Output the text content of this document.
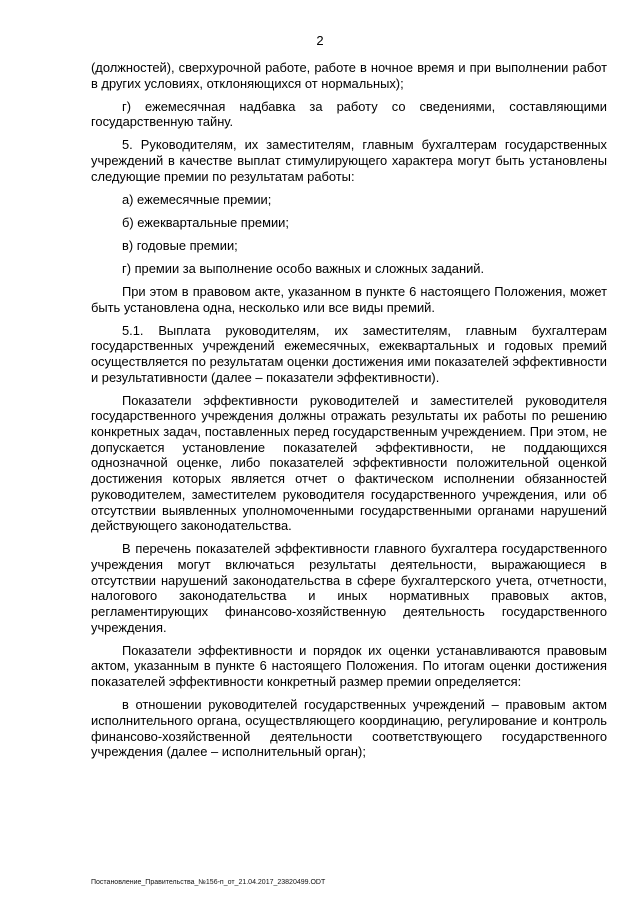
2

(должностей), сверхурочной работе, работе в ночное время и при выполнении работ в других условиях, отклоняющихся от нормальных);

г) ежемесячная надбавка за работу со сведениями, составляющими государственную тайну.

5. Руководителям, их заместителям, главным бухгалтерам государственных учреждений в качестве выплат стимулирующего характера могут быть установлены следующие премии по результатам работы:

а) ежемесячные премии;

б) ежеквартальные премии;

в) годовые премии;

г) премии за выполнение особо важных и сложных заданий.

При этом в правовом акте, указанном в пункте 6 настоящего Положения, может быть установлена одна, несколько или все виды премий.

5.1. Выплата руководителям, их заместителям, главным бухгалтерам государственных учреждений ежемесячных, ежеквартальных и годовых премий осуществляется по результатам оценки достижения ими показателей эффективности и результативности (далее – показатели эффективности).

Показатели эффективности руководителей и заместителей руководителя государственного учреждения должны отражать результаты их работы по решению конкретных задач, поставленных перед государственным учреждением. При этом, не допускается установление показателей эффективности, не поддающихся однозначной оценке, либо показателей эффективности положительной оценкой достижения которых является отчет о фактическом исполнении обязанностей руководителем, заместителем руководителя государственного учреждения, или об отсутствии выявленных уполномоченными государственными органами нарушений действующего законодательства.

В перечень показателей эффективности главного бухгалтера государственного учреждения могут включаться результаты деятельности, выражающиеся в отсутствии нарушений законодательства в сфере бухгалтерского учета, отчетности, налогового законодательства и иных нормативных правовых актов, регламентирующих финансово-хозяйственную деятельность государственного учреждения.

Показатели эффективности и порядок их оценки устанавливаются правовым актом, указанным в пункте 6 настоящего Положения. По итогам оценки достижения показателей эффективности конкретный размер премии определяется:

в отношении руководителей государственных учреждений – правовым актом исполнительного органа, осуществляющего координацию, регулирование и контроль финансово-хозяйственной деятельности соответствующего государственного учреждения (далее – исполнительный орган);

Постановление_Правительства_№156-п_от_21.04.2017_23820499.ODT
